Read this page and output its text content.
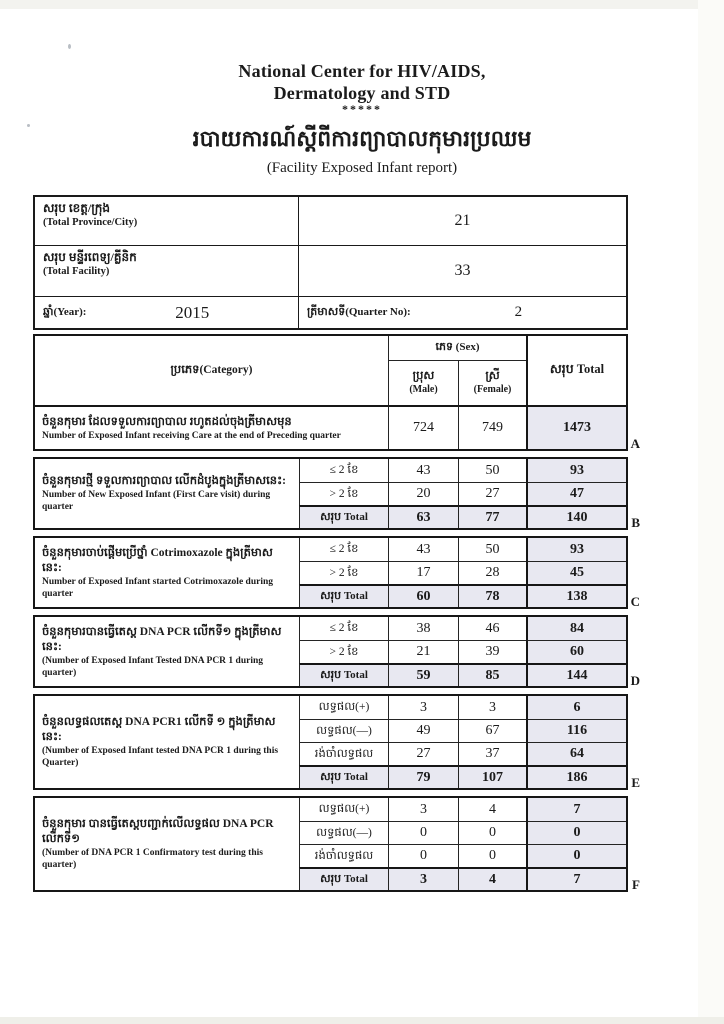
National Center for HIV/AIDS,
Dermatology and STD
*****
របាយការណ៍ស្តីពីការព្យាបាលកុមារប្រឈម
(Facility Exposed Infant report)
សរុប ខេត្ត/ក្រុង
(Total Province/City)	21
សរុប មន្ទីរពេទ្យ/គ្លីនិក
(Total Facility)	33
ឆ្នាំ(Year):	2015	ត្រីមាសទី(Quarter No):	2
ប្រភេទ(Category)
ភេទ (Sex)
សរុប Total
ប្រុស
(Male)
ស្រី
(Female)
ចំនួនកុមារ ដែលទទួលការព្យាបាល រហូតដល់ចុងត្រីមាសមុន
Number of Exposed Infant receiving Care at the end of Preceding quarter
724	749	1473
A
ចំនួនកុមារថ្មី ទទួលការព្យាបាល លើកដំបូងក្នុងត្រីមាសនេះ:
Number of New Exposed Infant (First Care visit) during quarter
≤ 2 ខែ	43	50	93
> 2 ខែ	20	27	47
សរុប Total	63	77	140	B
ចំនួនកុមារចាប់ផ្តើមប្រើថ្នាំ Cotrimoxazole ក្នុងត្រីមាសនេះ:
Number of Exposed Infant started Cotrimoxazole during quarter
≤ 2 ខែ	43	50	93
> 2 ខែ	17	28	45
សរុប Total	60	78	138	C
ចំនួនកុមារបានធ្វើតេស្ត DNA PCR លើកទី១ ក្នុងត្រីមាសនេះ:
(Number of Exposed Infant Tested DNA PCR 1 during quarter)
≤ 2 ខែ	38	46	84
> 2 ខែ	21	39	60
សរុប Total	59	85	144	D
ចំនួនលទ្ធផលតេស្ត DNA PCR1 លើកទី ១ ក្នុងត្រីមាសនេះ:
(Number of Exposed Infant tested DNA PCR 1 during this Quarter)
លទ្ធផល(+)	3	3	6
លទ្ធផល(—)	49	67	116
រង់ចាំលទ្ធផល	27	37	64
សរុប Total	79	107	186	E
ចំនួនកុមារ បានធ្វើតេស្តបញ្ជាក់លើលទ្ធផល DNA PCR លើកទី១
(Number of DNA PCR 1 Confirmatory test during this quarter)
លទ្ធផល(+)	3	4	7
លទ្ធផល(—)	0	0	0
រង់ចាំលទ្ធផល	0	0	0
សរុប Total	3	4	7	F
